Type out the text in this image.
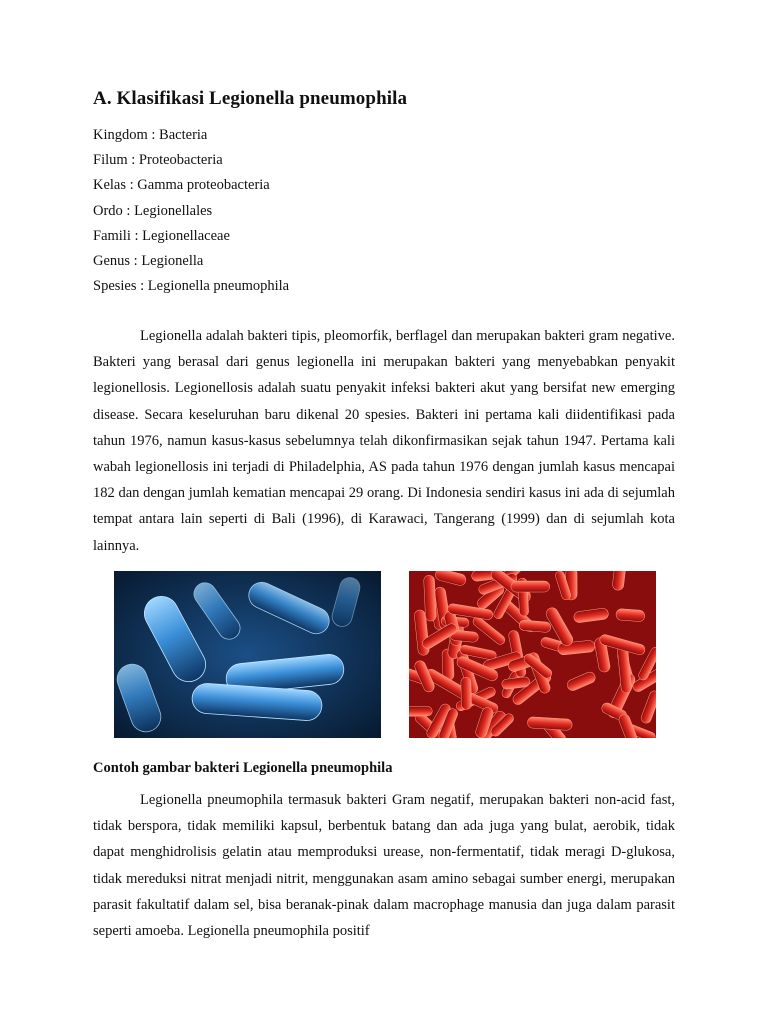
A. Klasifikasi Legionella pneumophila
Kingdom : Bacteria
Filum : Proteobacteria
Kelas : Gamma proteobacteria
Ordo : Legionellales
Famili : Legionellaceae
Genus : Legionella
Spesies : Legionella pneumophila

Legionella adalah bakteri tipis, pleomorfik, berflagel dan merupakan bakteri gram negative. Bakteri yang berasal dari genus legionella ini merupakan bakteri yang menyebabkan penyakit legionellosis. Legionellosis adalah suatu penyakit infeksi bakteri akut yang bersifat new emerging disease. Secara keseluruhan baru dikenal 20 spesies. Bakteri ini pertama kali diidentifikasi pada tahun 1976, namun kasus-kasus sebelumnya telah dikonfirmasikan sejak tahun 1947. Pertama kali wabah legionellosis ini terjadi di Philadelphia, AS pada tahun 1976 dengan jumlah kasus mencapai 182 dan dengan jumlah kematian mencapai 29 orang. Di Indonesia sendiri kasus ini ada di sejumlah tempat antara lain seperti di Bali (1996), di Karawaci, Tangerang (1999) dan di sejumlah kota lainnya.

Contoh gambar bakteri Legionella pneumophila

Legionella pneumophila termasuk bakteri Gram negatif, merupakan bakteri non-acid fast, tidak berspora, tidak memiliki kapsul, berbentuk batang dan ada juga yang bulat, aerobik, tidak dapat menghidrolisis gelatin atau memproduksi urease, non-fermentatif, tidak meragi D-glukosa, tidak mereduksi nitrat menjadi nitrit, menggunakan asam amino sebagai sumber energi, merupakan parasit fakultatif dalam sel, bisa beranak-pinak dalam macrophage manusia dan juga dalam parasit seperti amoeba. Legionella pneumophila positif
